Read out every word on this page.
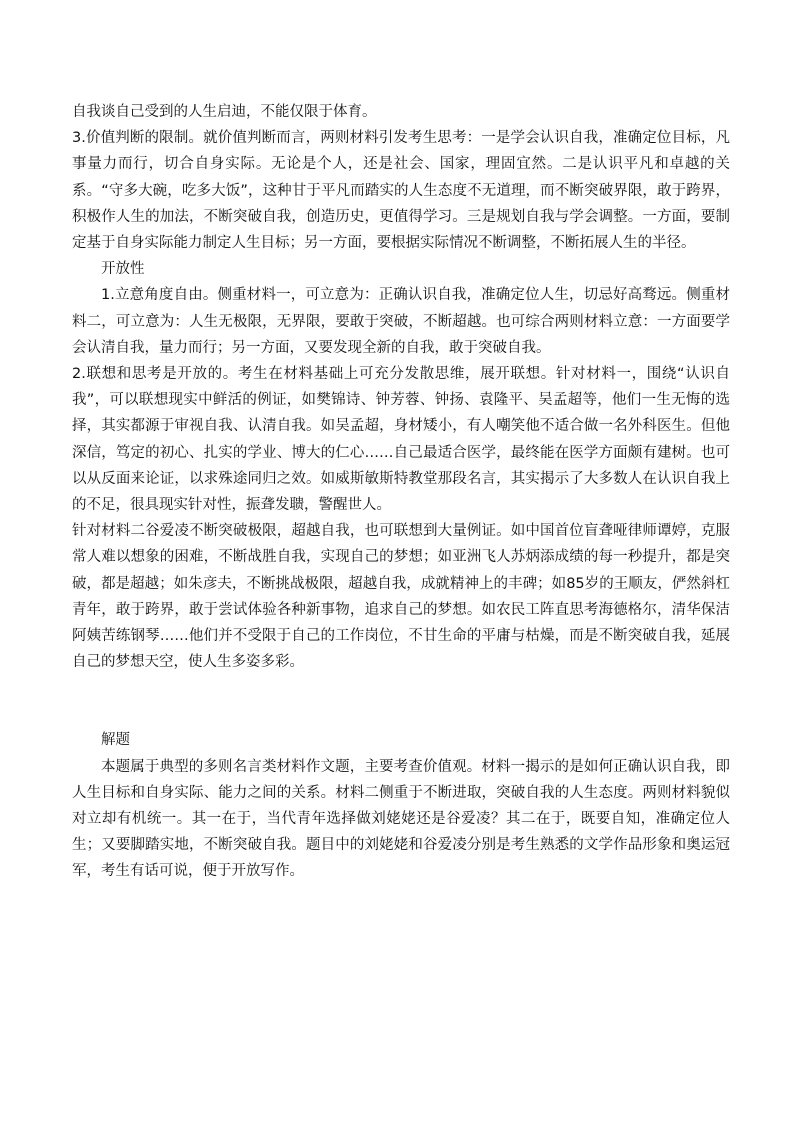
自我谈自己受到的人生启迪，不能仅限于体育。

3.价值判断的限制。就价值判断而言，两则材料引发考生思考：一是学会认识自我，准确定位目标，凡事量力而行，切合自身实际。无论是个人，还是社会、国家，理固宜然。二是认识平凡和卓越的关系。“守多大碗，吃多大饭”，这种甘于平凡而踏实的人生态度不无道理，而不断突破界限，敢于跨界，积极作人生的加法，不断突破自我，创造历史，更值得学习。三是规划自我与学会调整。一方面，要制定基于自身实际能力制定人生目标；另一方面，要根据实际情况不断调整，不断拓展人生的半径。

开放性

1.立意角度自由。侧重材料一，可立意为：正确认识自我，准确定位人生，切忌好高骛远。侧重材料二，可立意为：人生无极限，无界限，要敢于突破，不断超越。也可综合两则材料立意：一方面要学会认清自我，量力而行；另一方面，又要发现全新的自我，敢于突破自我。

2.联想和思考是开放的。考生在材料基础上可充分发散思维，展开联想。针对材料一，围绕“认识自我”，可以联想现实中鲜活的例证，如樊锦诗、钟芳蓉、钟扬、袁隆平、吴孟超等，他们一生无悔的选择，其实都源于审视自我、认清自我。如吴孟超，身材矮小，有人嘲笑他不适合做一名外科医生。但他深信，笃定的初心、扎实的学业、博大的仁心……自己最适合医学，最终能在医学方面颇有建树。也可以从反面来论证，以求殊途同归之效。如威斯敏斯特教堂那段名言，其实揭示了大多数人在认识自我上的不足，很具现实针对性，振聋发聩，警醒世人。

针对材料二谷爱凌不断突破极限，超越自我，也可联想到大量例证。如中国首位盲聋哑律师谭婷，克服常人难以想象的困难，不断战胜自我，实现自己的梦想；如亚洲飞人苏炳添成绩的每一秒提升，都是突破，都是超越；如朱彦夫，不断挑战极限，超越自我，成就精神上的丰碑；如85岁的王顺友，俨然斜杠青年，敢于跨界，敢于尝试体验各种新事物，追求自己的梦想。如农民工阵直思考海德格尔，清华保洁阿姨苦练钢琴……他们并不受限于自己的工作岗位，不甘生命的平庸与枯燥，而是不断突破自我，延展自己的梦想天空，使人生多姿多彩。

解题

本题属于典型的多则名言类材料作文题，主要考查价值观。材料一揭示的是如何正确认识自我，即人生目标和自身实际、能力之间的关系。材料二侧重于不断进取，突破自我的人生态度。两则材料貌似对立却有机统一。其一在于，当代青年选择做刘姥姥还是谷爱凌？其二在于，既要自知，准确定位人生；又要脚踏实地，不断突破自我。题目中的刘姥姥和谷爱凌分别是考生熟悉的文学作品形象和奥运冠军，考生有话可说，便于开放写作。
